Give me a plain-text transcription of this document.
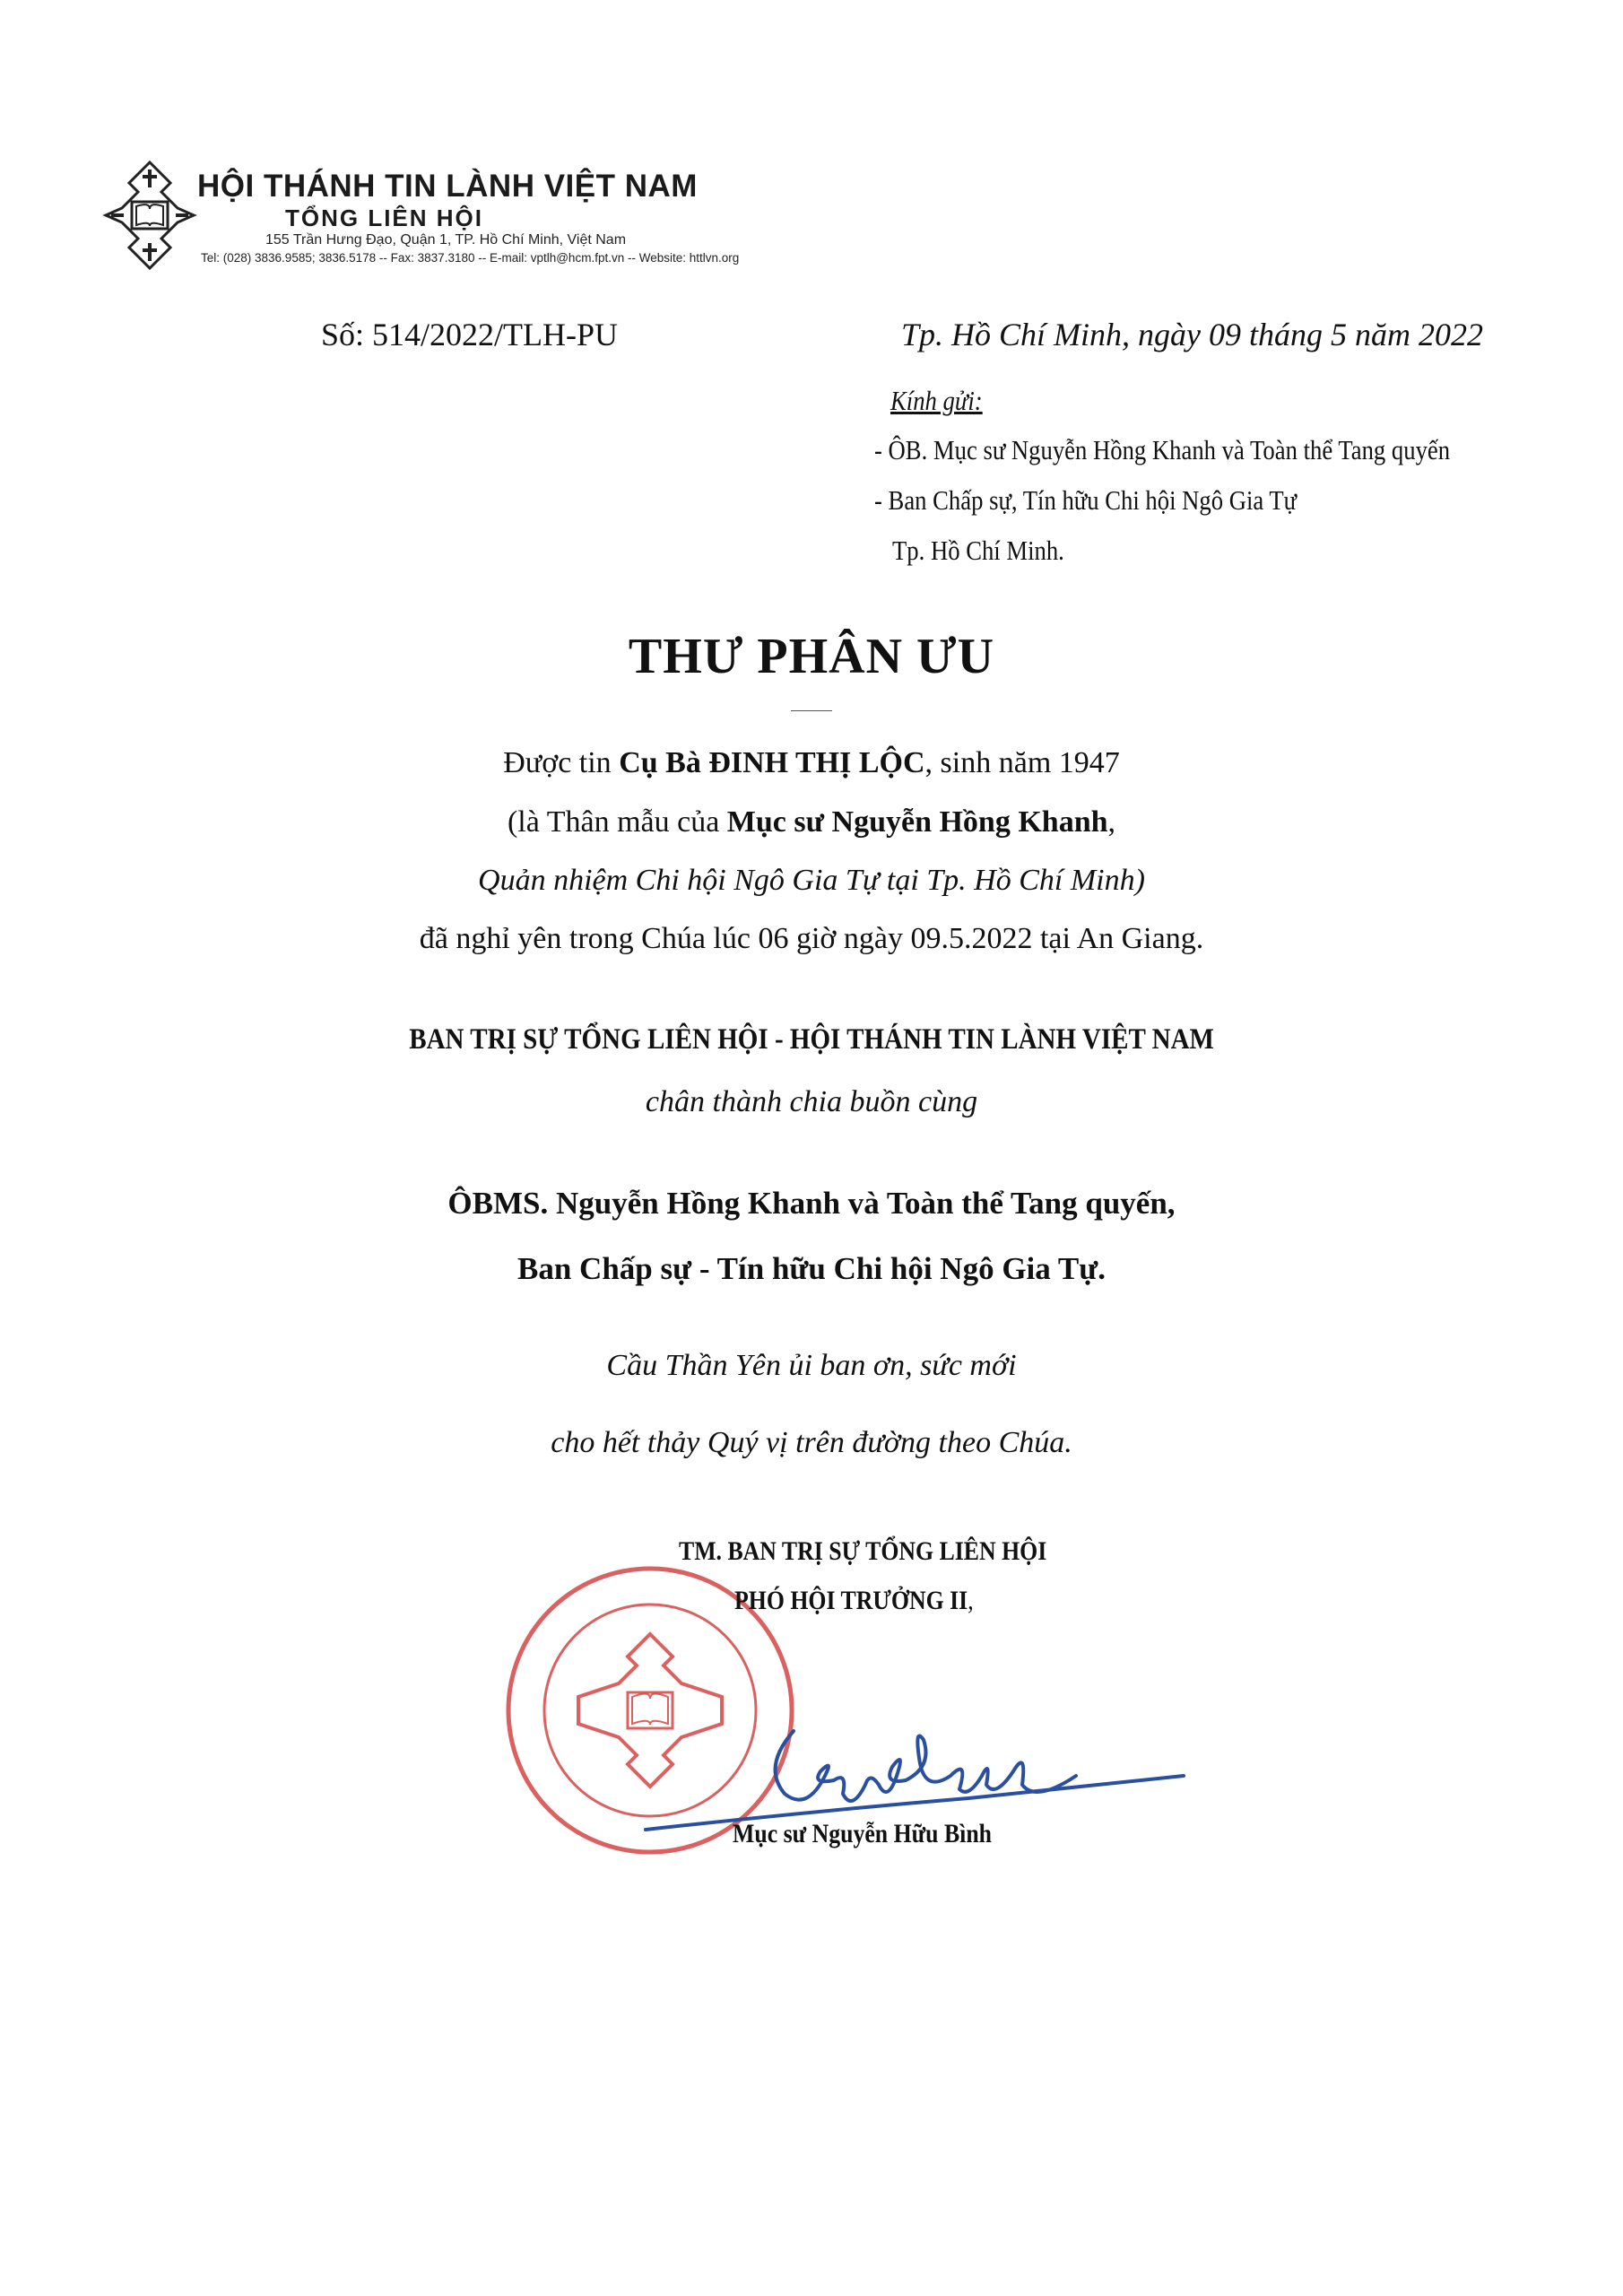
HỘI THÁNH TIN LÀNH VIỆT NAM
TỔNG LIÊN HỘI
155 Trần Hưng Đạo, Quận 1, TP. Hồ Chí Minh, Việt Nam
Tel: (028) 3836.9585; 3836.5178 -- Fax: 3837.3180 -- E-mail: vptlh@hcm.fpt.vn -- Website: httlvn.org
Số: 514/2022/TLH-PU	Tp. Hồ Chí Minh, ngày 09 tháng 5 năm 2022
Kính gửi:
- ÔB. Mục sư Nguyễn Hồng Khanh và Toàn thể Tang quyến
- Ban Chấp sự, Tín hữu Chi hội Ngô Gia Tự
Tp. Hồ Chí Minh.
THƯ PHÂN ƯU
Được tin Cụ Bà ĐINH THỊ LỘC, sinh năm 1947
(là Thân mẫu của Mục sư Nguyễn Hồng Khanh,
Quản nhiệm Chi hội Ngô Gia Tự tại Tp. Hồ Chí Minh)
đã nghỉ yên trong Chúa lúc 06 giờ ngày 09.5.2022 tại An Giang.
BAN TRỊ SỰ TỔNG LIÊN HỘI - HỘI THÁNH TIN LÀNH VIỆT NAM
chân thành chia buồn cùng
ÔBMS. Nguyễn Hồng Khanh và Toàn thể Tang quyến,
Ban Chấp sự - Tín hữu Chi hội Ngô Gia Tự.
Cầu Thần Yên ủi ban ơn, sức mới
cho hết thảy Quý vị trên đường theo Chúa.
TM. BAN TRỊ SỰ TỔNG LIÊN HỘI
PHÓ HỘI TRƯỞNG II,
Mục sư Nguyễn Hữu Bình
